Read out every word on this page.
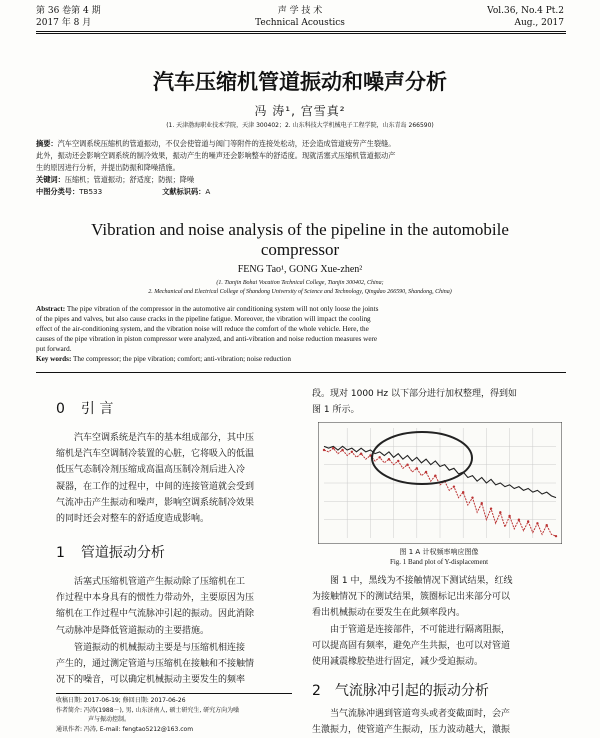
第 36 卷第 4 期	声 学 技 术	Vol.36, No.4 Pt.2
2017 年 8 月	Technical Acoustics	Aug., 2017
汽车压缩机管道振动和噪声分析
冯 涛¹, 宫雪真²
(1. 天津渤海职业技术学院，天津 300402；2. 山东科技大学机械电子工程学院，山东青岛 266590)
摘要：汽车空调系统压缩机的管道振动，不仅会使管道与阀门等附件的连接处松动，还会造成管道疲劳产生裂缝。
此外，振动还会影响空调系统的制冷效果，振动产生的噪声还会影响整车的舒适度。现就活塞式压缩机管道振动产
生的原因进行分析，并提出防振和降噪措施。
关键词：压缩机；管道振动；舒适度；防振；降噪
中图分类号：TB533	文献标识码：A
Vibration and noise analysis of the pipeline in the automobile
compressor
FENG Tao¹, GONG Xue-zhen²
(1. Tianjin Bohai Vocation Technical College, Tianjin 300402, China;
2. Mechanical and Electrical College of Shandong University of Science and Technology, Qingdao 266590, Shandong, China)
Abstract: The pipe vibration of the compressor in the automotive air conditioning system will not only loose the joints
of the pipes and valves, but also cause cracks in the pipeline fatigue. Moreover, the vibration will impact the cooling
effect of the air-conditioning system, and the vibration noise will reduce the comfort of the whole vehicle. Here, the
causes of the pipe vibration in piston compressor were analyzed, and anti-vibration and noise reduction measures were
put forward.
Key words: The compressor; the pipe vibration; comfort; anti-vibration; noise reduction
0 引 言

汽车空调系统是汽车的基本组成部分，其中压

缩机是汽车空调制冷装置的心脏，它将吸入的低温

低压气态制冷剂压缩成高温高压制冷剂后进入冷

凝器，在工作的过程中，中间的连接管道就会受到

气流冲击产生振动和噪声，影响空调系统制冷效果

的同时还会对整车的舒适度造成影响。

1 管道振动分析

活塞式压缩机管道产生振动除了压缩机在工

作过程中本身具有的惯性力带动外，主要原因为压

缩机在工作过程中气流脉冲引起的振动。因此消除

气动脉冲是降低管道振动的主要措施。

管道振动的机械振动主要是与压缩机相连接

产生的，通过测定管道与压缩机在接触和不接触情

况下的噪音，可以确定机械振动主要发生的频率

收稿日期: 2017-06-19; 修回日期: 2017-06-26
作者简介: 冯涛(1988－), 男, 山东济南人, 硕士研究生, 研究方向为噪
声与振动控制。
通讯作者: 冯涛, E-mail: fengtao5212@163.com

段。现对 1000 Hz 以下部分进行加权整理，得到如

图 1 所示。

图 1 A 计权频率响应图像
Fig. 1 Band plot of Y-displacement

图 1 中，黑线为不接触情况下测试结果，红线

为接触情况下的测试结果，簇圈标记出来部分可以

看出机械振动在要发生在此频率段内。

由于管道是连接部件，不可能进行隔离阻振，

可以提高固有频率，避免产生共振，也可以对管道

使用减震橡胶垫进行固定，减少受迫振动。

2 气流脉冲引起的振动分析

当气流脉冲遇到管道弯头或者变截面时，会产

生激振力，使管道产生振动，压力波动越大，激振
